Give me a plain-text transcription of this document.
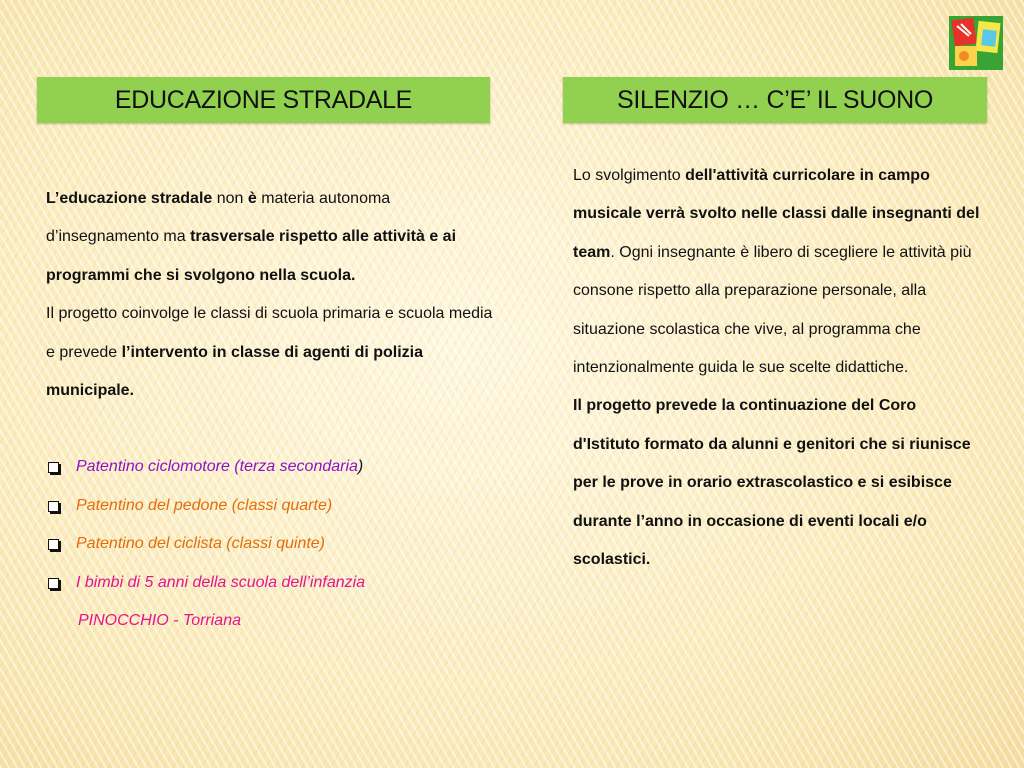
EDUCAZIONE STRADALE	SILENZIO … C’E’ IL SUONO

L’educazione stradale non è materia autonoma d’insegnamento ma trasversale rispetto alle attività e ai programmi che si svolgono nella scuola.

Il progetto coinvolge le classi di scuola primaria e scuola media e prevede l’intervento in classe di agenti di polizia municipale.

Patentino ciclomotore (terza secondaria)
Patentino del pedone (classi quarte)
Patentino del ciclista (classi quinte)
I bimbi di 5 anni della scuola dell’infanzia
PINOCCHIO - Torriana

Lo svolgimento dell'attività curricolare in campo musicale verrà svolto nelle classi dalle insegnanti del team. Ogni insegnante è libero di scegliere le attività più consone rispetto alla preparazione personale, alla situazione scolastica che vive, al programma che intenzionalmente guida le sue scelte didattiche.

Il progetto prevede la continuazione del Coro d'Istituto formato da alunni e genitori che si riunisce per le prove in orario extrascolastico e si esibisce durante l’anno in occasione di eventi locali e/o scolastici.
